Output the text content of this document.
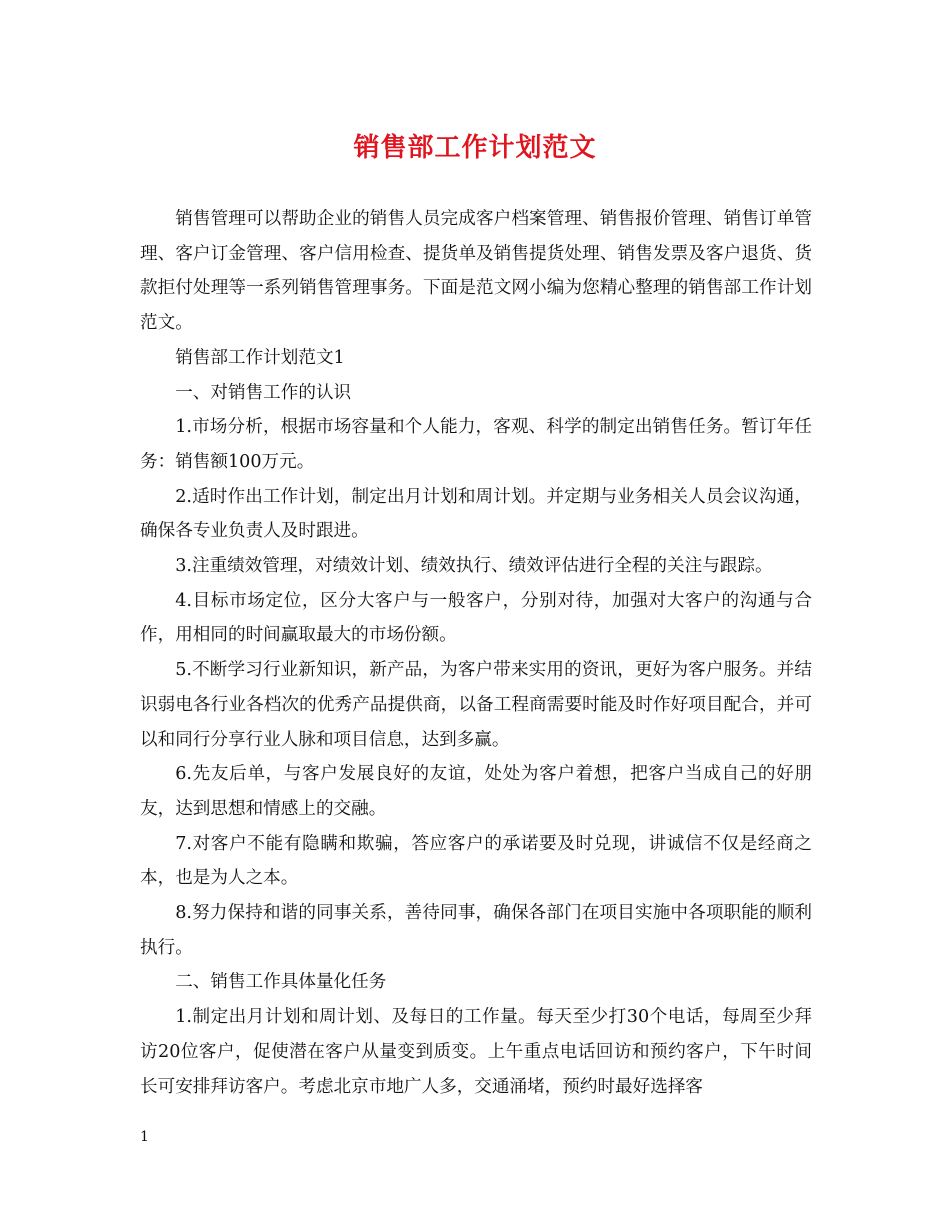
销售部工作计划范文

销售管理可以帮助企业的销售人员完成客户档案管理、销售报价管理、销售订单管理、客户订金管理、客户信用检查、提货单及销售提货处理、销售发票及客户退货、货款拒付处理等一系列销售管理事务。下面是范文网小编为您精心整理的销售部工作计划范文。

销售部工作计划范文1

一、对销售工作的认识

1.市场分析，根据市场容量和个人能力，客观、科学的制定出销售任务。暂订年任务：销售额100万元。

2.适时作出工作计划，制定出月计划和周计划。并定期与业务相关人员会议沟通，确保各专业负责人及时跟进。

3.注重绩效管理，对绩效计划、绩效执行、绩效评估进行全程的关注与跟踪。

4.目标市场定位，区分大客户与一般客户，分别对待，加强对大客户的沟通与合作，用相同的时间赢取最大的市场份额。

5.不断学习行业新知识，新产品，为客户带来实用的资讯，更好为客户服务。并结识弱电各行业各档次的优秀产品提供商，以备工程商需要时能及时作好项目配合，并可以和同行分享行业人脉和项目信息，达到多赢。

6.先友后单，与客户发展良好的友谊，处处为客户着想，把客户当成自己的好朋友，达到思想和情感上的交融。

7.对客户不能有隐瞒和欺骗，答应客户的承诺要及时兑现，讲诚信不仅是经商之本，也是为人之本。

8.努力保持和谐的同事关系，善待同事，确保各部门在项目实施中各项职能的顺利执行。

二、销售工作具体量化任务

1.制定出月计划和周计划、及每日的工作量。每天至少打30个电话，每周至少拜访20位客户，促使潜在客户从量变到质变。上午重点电话回访和预约客户，下午时间长可安排拜访客户。考虑北京市地广人多，交通涌堵，预约时最好选择客

1
